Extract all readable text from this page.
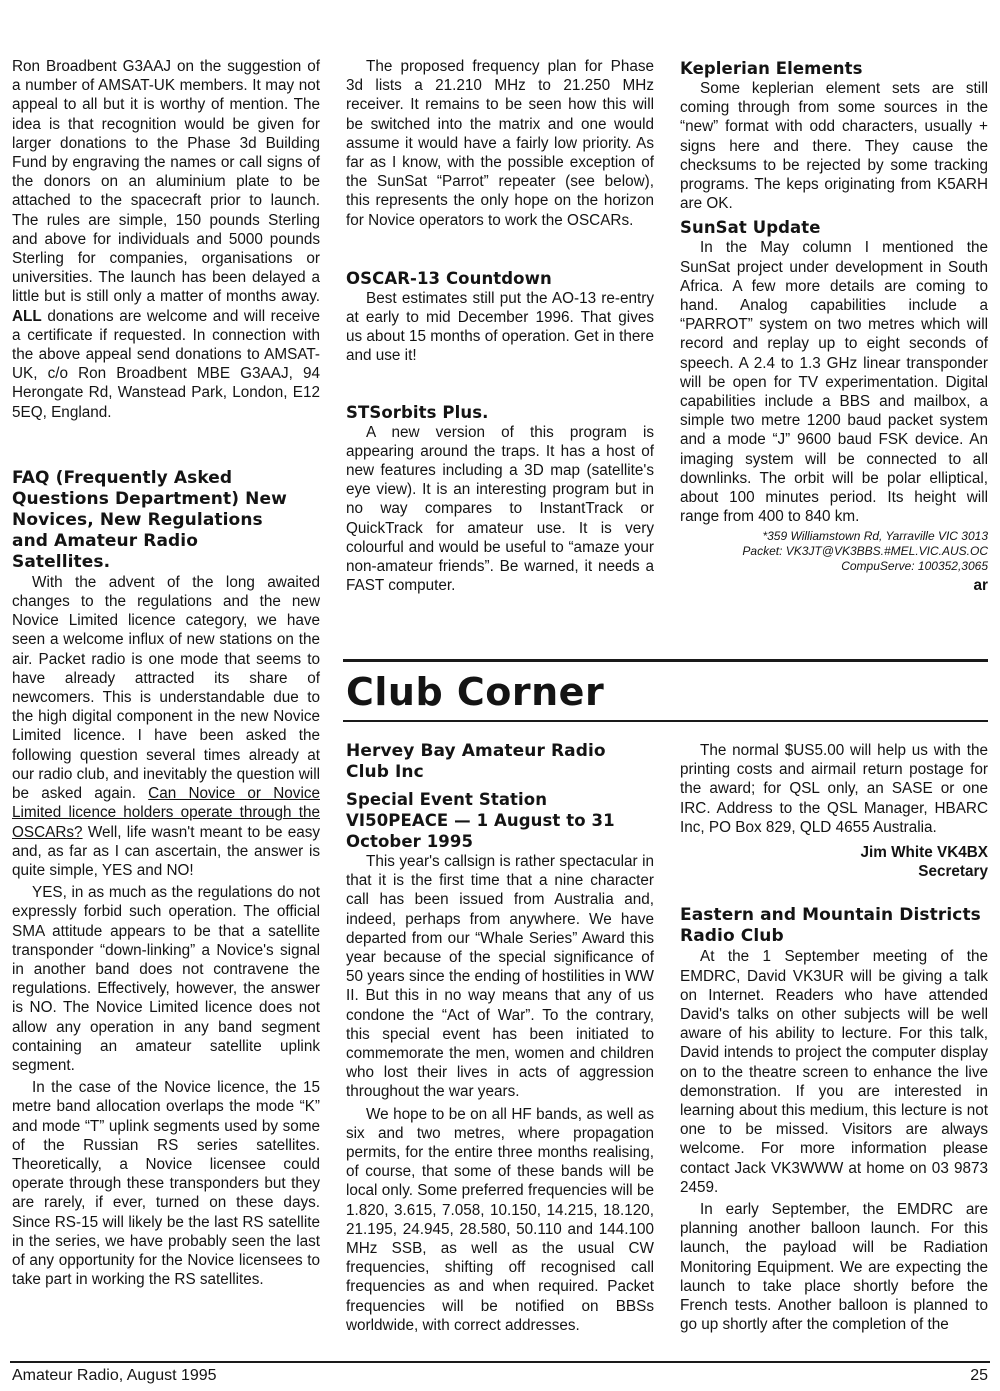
Ron Broadbent G3AAJ on the suggestion of a number of AMSAT-UK members. It may not appeal to all but it is worthy of mention. The idea is that recognition would be given for larger donations to the Phase 3d Building Fund by engraving the names or call signs of the donors on an aluminium plate to be attached to the spacecraft prior to launch. The rules are simple, 150 pounds Sterling and above for individuals and 5000 pounds Sterling for companies, organisations or universities. The launch has been delayed a little but is still only a matter of months away. ALL donations are welcome and will receive a certificate if requested. In connection with the above appeal send donations to AMSAT-UK, c/o Ron Broadbent MBE G3AAJ, 94 Herongate Rd, Wanstead Park, London, E12 5EQ, England.

FAQ (Frequently Asked Questions Department) New Novices, New Regulations and Amateur Radio Satellites.

With the advent of the long awaited changes to the regulations and the new Novice Limited licence category, we have seen a welcome influx of new stations on the air. Packet radio is one mode that seems to have already attracted its share of newcomers. This is understandable due to the high digital component in the new Novice Limited licence. I have been asked the following question several times already at our radio club, and inevitably the question will be asked again. Can Novice or Novice Limited licence holders operate through the OSCARs? Well, life wasn't meant to be easy and, as far as I can ascertain, the answer is quite simple, YES and NO!

YES, in as much as the regulations do not expressly forbid such operation. The official SMA attitude appears to be that a satellite transponder “down-linking” a Novice's signal in another band does not contravene the regulations. Effectively, however, the answer is NO. The Novice Limited licence does not allow any operation in any band segment containing an amateur satellite uplink segment.

In the case of the Novice licence, the 15 metre band allocation overlaps the mode “K” and mode “T” uplink segments used by some of the Russian RS series satellites. Theoretically, a Novice licensee could operate through these transponders but they are rarely, if ever, turned on these days. Since RS-15 will likely be the last RS satellite in the series, we have probably seen the last of any opportunity for the Novice licensees to take part in working the RS satellites.

The proposed frequency plan for Phase 3d lists a 21.210 MHz to 21.250 MHz receiver. It remains to be seen how this will be switched into the matrix and one would assume it would have a fairly low priority. As far as I know, with the possible exception of the SunSat “Parrot” repeater (see below), this represents the only hope on the horizon for Novice operators to work the OSCARs.

OSCAR-13 Countdown

Best estimates still put the AO-13 re-entry at early to mid December 1996. That gives us about 15 months of operation. Get in there and use it!

STSorbits Plus.

A new version of this program is appearing around the traps. It has a host of new features including a 3D map (satellite's eye view). It is an interesting program but in no way compares to InstantTrack or QuickTrack for amateur use. It is very colourful and would be useful to “amaze your non-amateur friends”. Be warned, it needs a FAST computer.

Keplerian Elements

Some keplerian element sets are still coming through from some sources in the “new” format with odd characters, usually + signs here and there. They cause the checksums to be rejected by some tracking programs. The keps originating from K5ARH are OK.

SunSat Update

In the May column I mentioned the SunSat project under development in South Africa. A few more details are coming to hand. Analog capabilities include a “PARROT” system on two metres which will record and replay up to eight seconds of speech. A 2.4 to 1.3 GHz linear transponder will be open for TV experimentation. Digital capabilities include a BBS and mailbox, a simple two metre 1200 baud packet system and a mode “J” 9600 baud FSK device. An imaging system will be connected to all downlinks. The orbit will be polar elliptical, about 100 minutes period. Its height will range from 400 to 840 km.

*359 Williamstown Rd, Yarraville VIC 3013

Packet: VK3JT@VK3BBS.#MEL.VIC.AUS.OC

CompuServe: 100352,3065

ar

Club Corner
Hervey Bay Amateur Radio Club Inc
Special Event Station VI50PEACE — 1 August to 31 October 1995

This year's callsign is rather spectacular in that it is the first time that a nine character call has been issued from Australia and, indeed, perhaps from anywhere. We have departed from our “Whale Series” Award this year because of the special significance of 50 years since the ending of hostilities in WW II. But this in no way means that any of us condone the “Act of War”. To the contrary, this special event has been initiated to commemorate the men, women and children who lost their lives in acts of aggression throughout the war years.

We hope to be on all HF bands, as well as six and two metres, where propagation permits, for the entire three months realising, of course, that some of these bands will be local only. Some preferred frequencies will be 1.820, 3.615, 7.058, 10.150, 14.215, 18.120, 21.195, 24.945, 28.580, 50.110 and 144.100 MHz SSB, as well as the usual CW frequencies, shifting off recognised call frequencies as and when required. Packet frequencies will be notified on BBSs worldwide, with correct addresses.

The normal $US5.00 will help us with the printing costs and airmail return postage for the award; for QSL only, an SASE or one IRC. Address to the QSL Manager, HBARC Inc, PO Box 829, QLD 4655 Australia.

Jim White VK4BX

Secretary

Eastern and Mountain Districts Radio Club

At the 1 September meeting of the EMDRC, David VK3UR will be giving a talk on Internet. Readers who have attended David's talks on other subjects will be well aware of his ability to lecture. For this talk, David intends to project the computer display on to the theatre screen to enhance the live demonstration. If you are interested in learning about this medium, this lecture is not one to be missed. Visitors are always welcome. For more information please contact Jack VK3WWW at home on 03 9873 2459.

In early September, the EMDRC are planning another balloon launch. For this launch, the payload will be Radiation Monitoring Equipment. We are expecting the launch to take place shortly before the French tests. Another balloon is planned to go up shortly after the completion of the

Amateur Radio, August 1995	25
